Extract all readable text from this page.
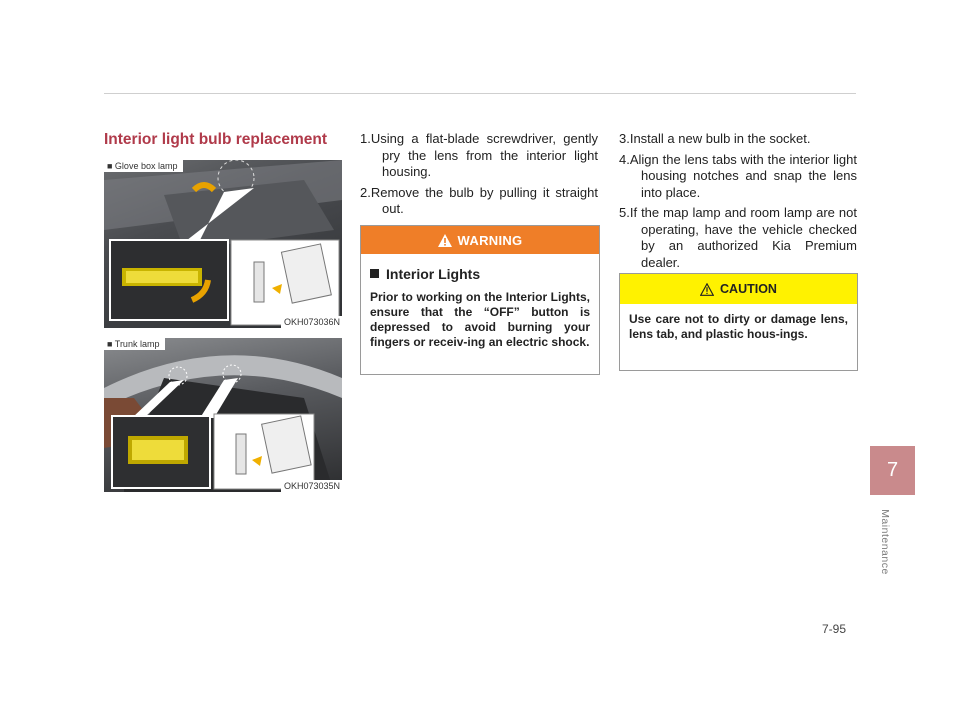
Interior light bulb replacement
■ Glove box lamp
OKH073036N
■ Trunk lamp
OKH073035N
1.Using a flat-blade screwdriver, gently pry the lens from the interior light housing.
2.Remove the bulb by pulling it straight out.
WARNING
Interior Lights
Prior to working on the Interior Lights, ensure that the “OFF” button is depressed to avoid burning your fingers or receiv-ing an electric shock.
3.Install a new bulb in the socket.
4.Align the lens tabs with the interior light housing notches and snap the lens into place.
5.If the map lamp and room lamp are not operating, have the vehicle checked by an authorized Kia Premium dealer.
CAUTION
Use care not to dirty or damage lens, lens tab, and plastic hous-ings.
7
Maintenance
7-95
